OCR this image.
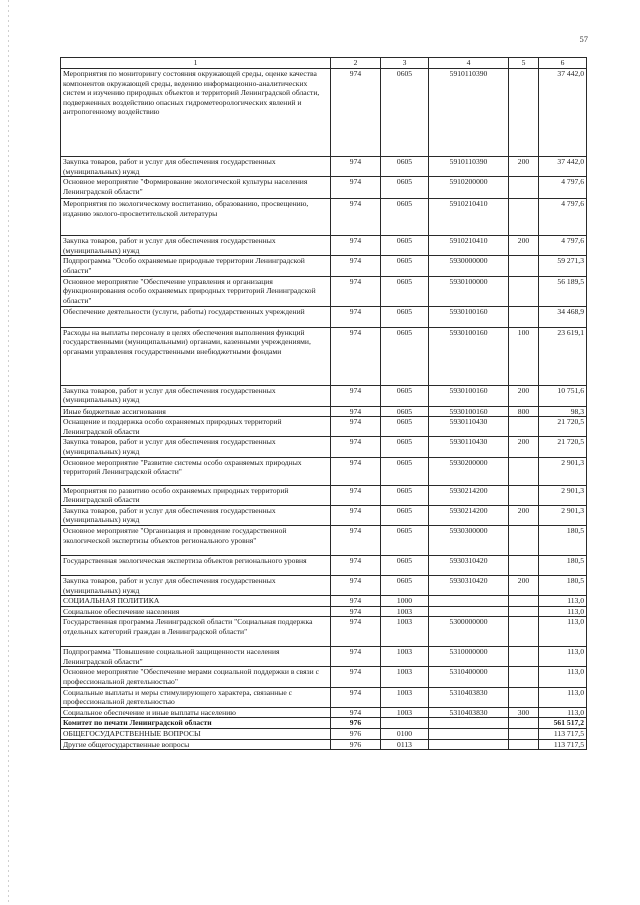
57
1	2	3	4	5	6
Мероприятия по мониторингу состояния окружающей среды, оценке качества компонентов окружающей среды, ведению информационно-аналитических систем и изучению природных объектов и территорий Ленинградской области, подверженных воздействию опасных гидрометеорологических явлений и антропогенному воздействию	974	0605	5910110390		37 442,0
Закупка товаров, работ и услуг для обеспечения государственных (муниципальных) нужд	974	0605	5910110390	200	37 442,0
Основное мероприятие "Формирование экологической культуры населения Ленинградской области"	974	0605	5910200000		4 797,6
Мероприятия по экологическому воспитанию, образованию, просвещению, изданию эколого-просветительской литературы	974	0605	5910210410		4 797,6
Закупка товаров, работ и услуг для обеспечения государственных (муниципальных) нужд	974	0605	5910210410	200	4 797,6
Подпрограмма "Особо охраняемые природные территории Ленинградской области"	974	0605	5930000000		59 271,3
Основное мероприятие "Обеспечение управления и организация функционирования особо охраняемых природных территорий Ленинградской области"	974	0605	5930100000		56 189,5
Обеспечение деятельности (услуги, работы) государственных учреждений	974	0605	5930100160		34 468,9
Расходы на выплаты персоналу в целях обеспечения выполнения функций государственными (муниципальными) органами, казенными учреждениями, органами управления государственными внебюджетными фондами	974	0605	5930100160	100	23 619,1
Закупка товаров, работ и услуг для обеспечения государственных (муниципальных) нужд	974	0605	5930100160	200	10 751,6
Иные бюджетные ассигнования	974	0605	5930100160	800	98,3
Оснащение и поддержка особо охраняемых природных территорий Ленинградской области	974	0605	5930110430		21 720,5
Закупка товаров, работ и услуг для обеспечения государственных (муниципальных) нужд	974	0605	5930110430	200	21 720,5
Основное мероприятие "Развитие системы особо охраняемых природных территорий Ленинградской области"	974	0605	5930200000		2 901,3
Мероприятия по развитию особо охраняемых природных территорий Ленинградской области	974	0605	5930214200		2 901,3
Закупка товаров, работ и услуг для обеспечения государственных (муниципальных) нужд	974	0605	5930214200	200	2 901,3
Основное мероприятие "Организация и проведение государственной экологической экспертизы объектов регионального уровня"	974	0605	5930300000		180,5
Государственная экологическая экспертиза объектов регионального уровня	974	0605	5930310420		180,5
Закупка товаров, работ и услуг для обеспечения государственных (муниципальных) нужд	974	0605	5930310420	200	180,5
СОЦИАЛЬНАЯ ПОЛИТИКА	974	1000			113,0
Социальное обеспечение населения	974	1003			113,0
Государственная программа Ленинградской области "Социальная поддержка отдельных категорий граждан в Ленинградской области"	974	1003	5300000000		113,0
Подпрограмма "Повышение социальной защищенности населения Ленинградской области"	974	1003	5310000000		113,0
Основное мероприятие "Обеспечение мерами социальной поддержки в связи с профессиональной деятельностью"	974	1003	5310400000		113,0
Социальные выплаты и меры стимулирующего характера, связанные с профессиональной деятельностью	974	1003	5310403830		113,0
Социальное обеспечение и иные выплаты населению	974	1003	5310403830	300	113,0
Комитет по печати Ленинградской области	976				561 517,2
ОБЩЕГОСУДАРСТВЕННЫЕ ВОПРОСЫ	976	0100			113 717,5
Другие общегосударственные вопросы	976	0113			113 717,5
